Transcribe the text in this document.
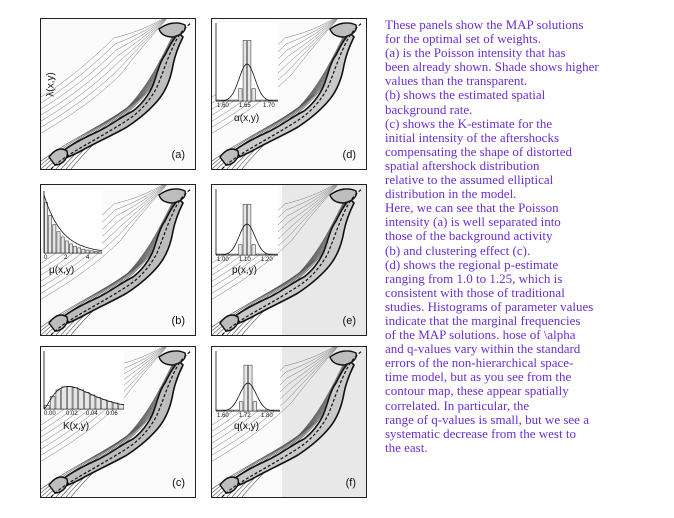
λ(x,y)
(a)
1.60 1.65 1.70
α(x,y)
(d)
0	2	4
μ(x,y)
(b)
1.00 1.10 1.20
p(x,y)
(e)
0.00 0.02 0.04 0.06
K(x,y)
(c)
1.60 1.72 1.80
q(x,y)
(f)

These panels show the MAP solutions

for the optimal set of weights.

(a) is the Poisson intensity that has

been already shown. Shade shows higher

values than the transparent.

(b) shows the estimated spatial

background rate.

(c) shows the K-estimate for the

initial intensity of the aftershocks

compensating the shape of distorted

spatial aftershock distribution

relative to the assumed elliptical

distribution in the model.

Here, we can see that the Poisson

intensity (a) is well separated into

those of the background activity

(b) and clustering effect (c).

(d) shows the regional p-estimate

ranging from 1.0 to 1.25, which is

consistent with those of traditional

studies. Histograms of parameter values

indicate that the marginal frequencies

of the MAP solutions. hose of \alpha

and q-values vary within the standard

errors of the non-hierarchical space-

time model, but as you see from the

contour map, these appear spatially

correlated. In particular, the

range of q-values is small, but we see a

systematic decrease from the west to

the east.
